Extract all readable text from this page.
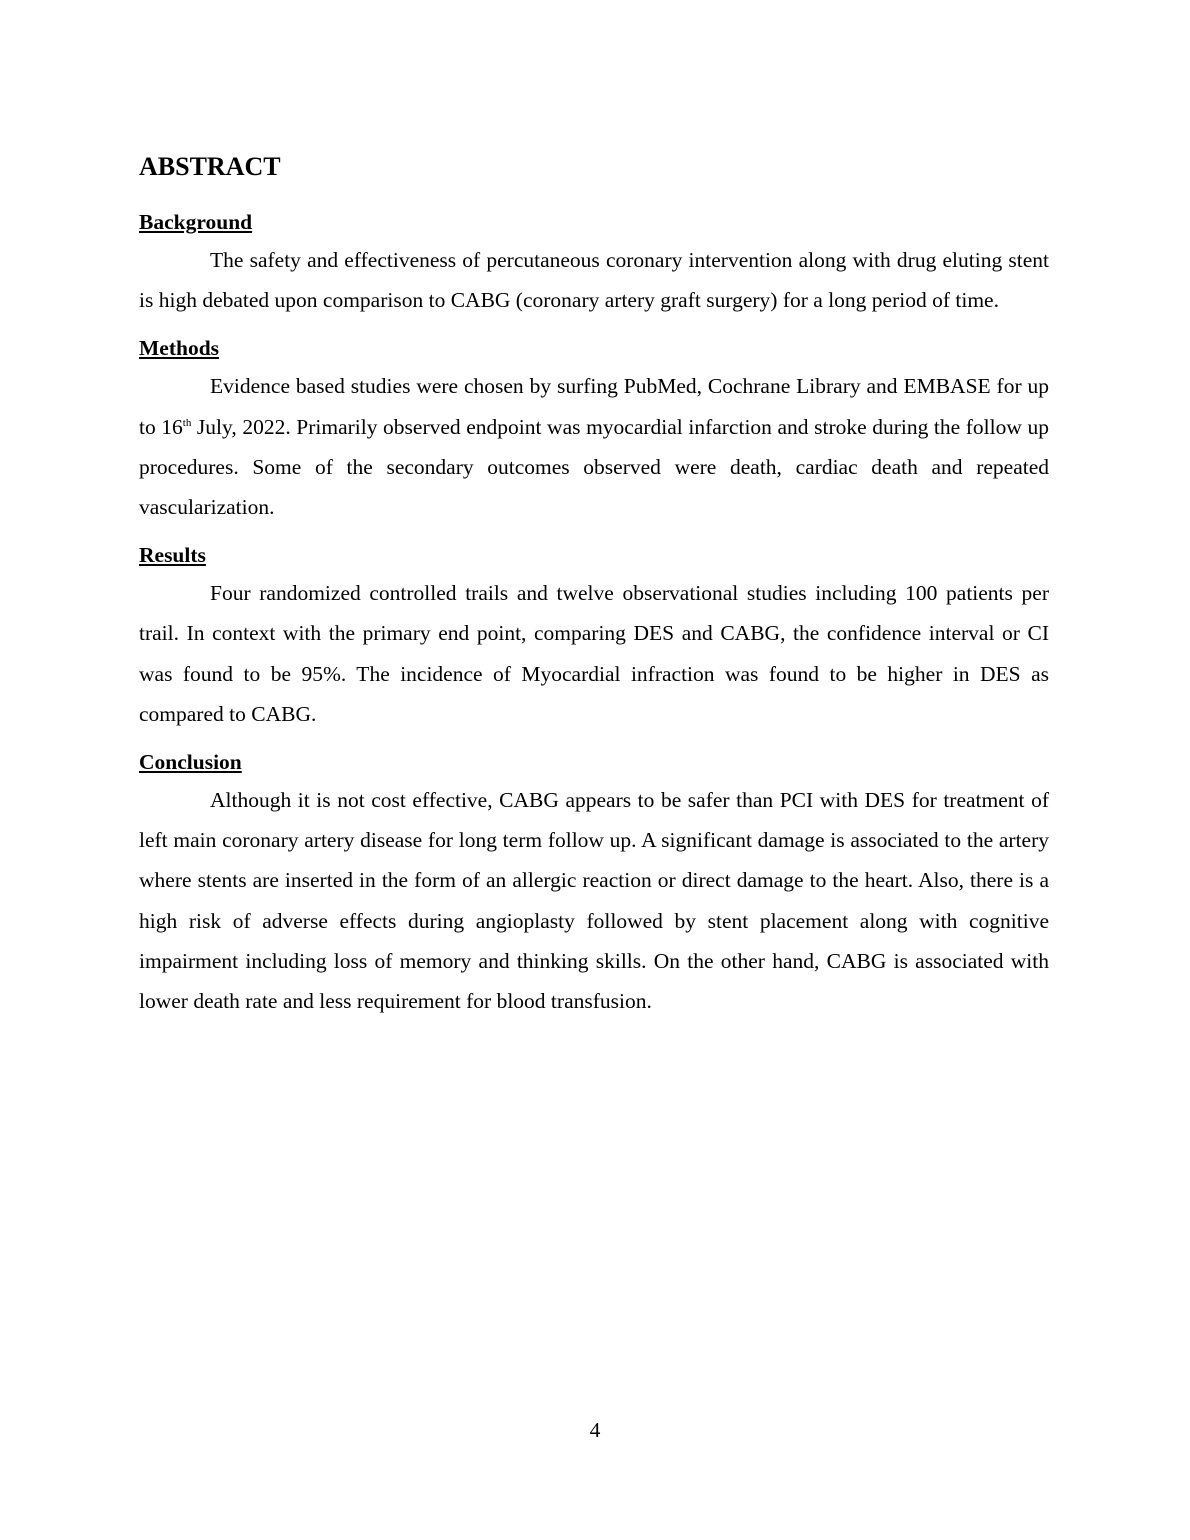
ABSTRACT
Background

The safety and effectiveness of percutaneous coronary intervention along with drug eluting stent is high debated upon comparison to CABG (coronary artery graft surgery) for a long period of time.

Methods

Evidence based studies were chosen by surfing PubMed, Cochrane Library and EMBASE for up to 16th July, 2022. Primarily observed endpoint was myocardial infarction and stroke during the follow up procedures. Some of the secondary outcomes observed were death, cardiac death and repeated vascularization.

Results

Four randomized controlled trails and twelve observational studies including 100 patients per trail. In context with the primary end point, comparing DES and CABG, the confidence interval or CI was found to be 95%. The incidence of Myocardial infraction was found to be higher in DES as compared to CABG.

Conclusion

Although it is not cost effective, CABG appears to be safer than PCI with DES for treatment of left main coronary artery disease for long term follow up. A significant damage is associated to the artery where stents are inserted in the form of an allergic reaction or direct damage to the heart. Also, there is a high risk of adverse effects during angioplasty followed by stent placement along with cognitive impairment including loss of memory and thinking skills. On the other hand, CABG is associated with lower death rate and less requirement for blood transfusion.

4
